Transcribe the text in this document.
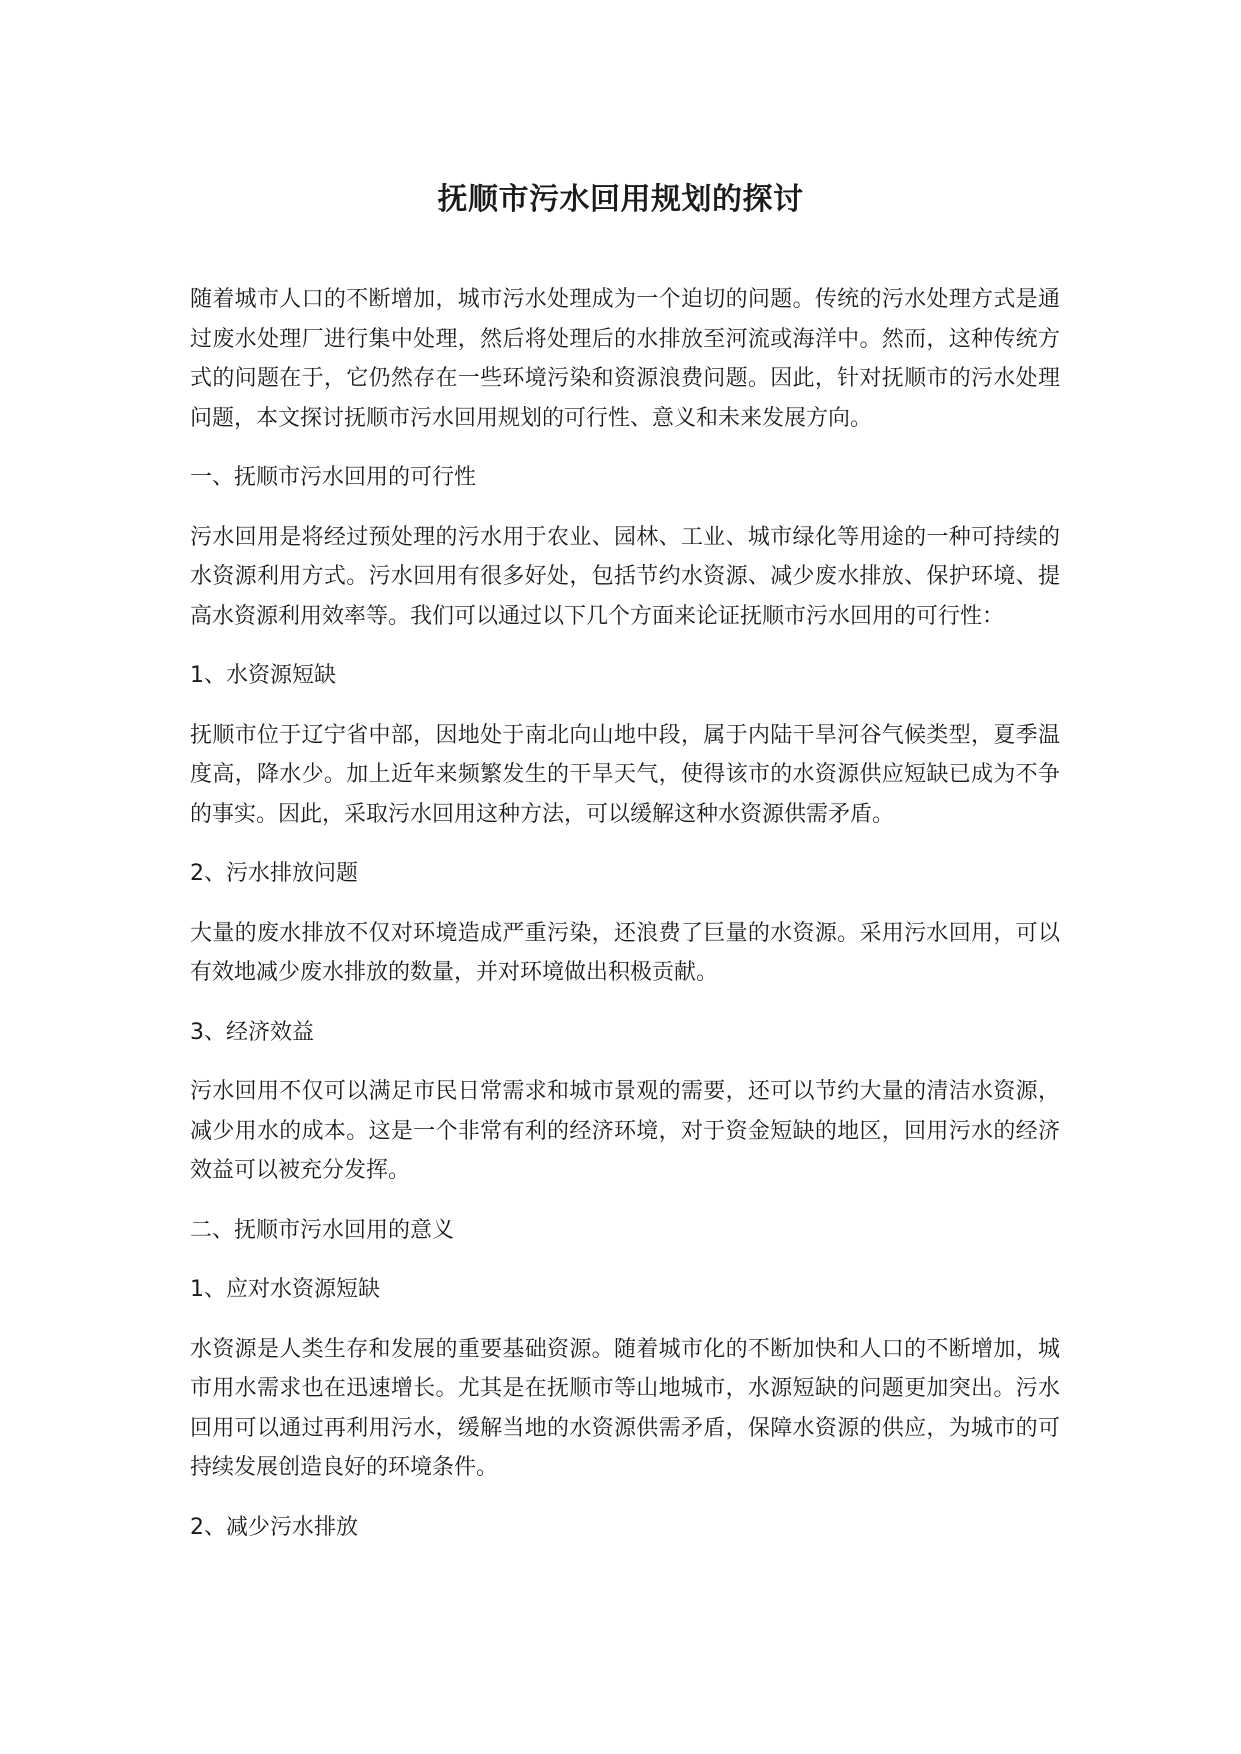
抚顺市污水回用规划的探讨

随着城市人口的不断增加，城市污水处理成为一个迫切的问题。传统的污水处理方式是通过废水处理厂进行集中处理，然后将处理后的水排放至河流或海洋中。然而，这种传统方式的问题在于，它仍然存在一些环境污染和资源浪费问题。因此，针对抚顺市的污水处理问题，本文探讨抚顺市污水回用规划的可行性、意义和未来发展方向。

一、抚顺市污水回用的可行性

污水回用是将经过预处理的污水用于农业、园林、工业、城市绿化等用途的一种可持续的水资源利用方式。污水回用有很多好处，包括节约水资源、减少废水排放、保护环境、提高水资源利用效率等。我们可以通过以下几个方面来论证抚顺市污水回用的可行性：

1、水资源短缺

抚顺市位于辽宁省中部，因地处于南北向山地中段，属于内陆干旱河谷气候类型，夏季温度高，降水少。加上近年来频繁发生的干旱天气，使得该市的水资源供应短缺已成为不争的事实。因此，采取污水回用这种方法，可以缓解这种水资源供需矛盾。

2、污水排放问题

大量的废水排放不仅对环境造成严重污染，还浪费了巨量的水资源。采用污水回用，可以有效地减少废水排放的数量，并对环境做出积极贡献。

3、经济效益

污水回用不仅可以满足市民日常需求和城市景观的需要，还可以节约大量的清洁水资源，减少用水的成本。这是一个非常有利的经济环境，对于资金短缺的地区，回用污水的经济效益可以被充分发挥。

二、抚顺市污水回用的意义

1、应对水资源短缺

水资源是人类生存和发展的重要基础资源。随着城市化的不断加快和人口的不断增加，城市用水需求也在迅速增长。尤其是在抚顺市等山地城市，水源短缺的问题更加突出。污水回用可以通过再利用污水，缓解当地的水资源供需矛盾，保障水资源的供应，为城市的可持续发展创造良好的环境条件。

2、减少污水排放
